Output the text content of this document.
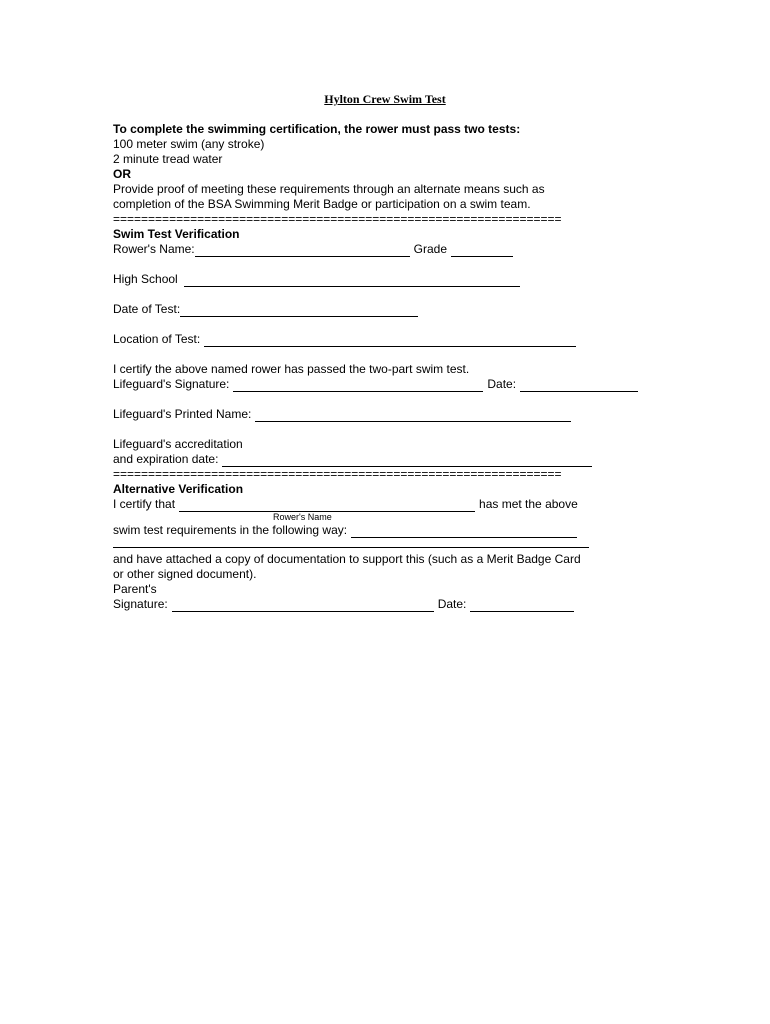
Hylton Crew Swim Test
To complete the swimming certification, the rower must pass two tests:
100 meter swim (any stroke)
2 minute tread water
OR
Provide proof of meeting these requirements through an alternate means such as
completion of the BSA Swimming Merit Badge or participation on a swim team.
================================================================
Swim Test Verification
Rower's Name:	Grade
High School
Date of Test:
Location of Test:
I certify the above named rower has passed the two-part swim test.
Lifeguard's Signature:	Date:
Lifeguard's Printed Name:
Lifeguard's accreditation
and expiration date:
================================================================
Alternative Verification
I certify that	has met the above
Rower's Name
swim test requirements in the following way:
and have attached a copy of documentation to support this (such as a Merit Badge Card
or other signed document).
Parent's
Signature:	Date:
